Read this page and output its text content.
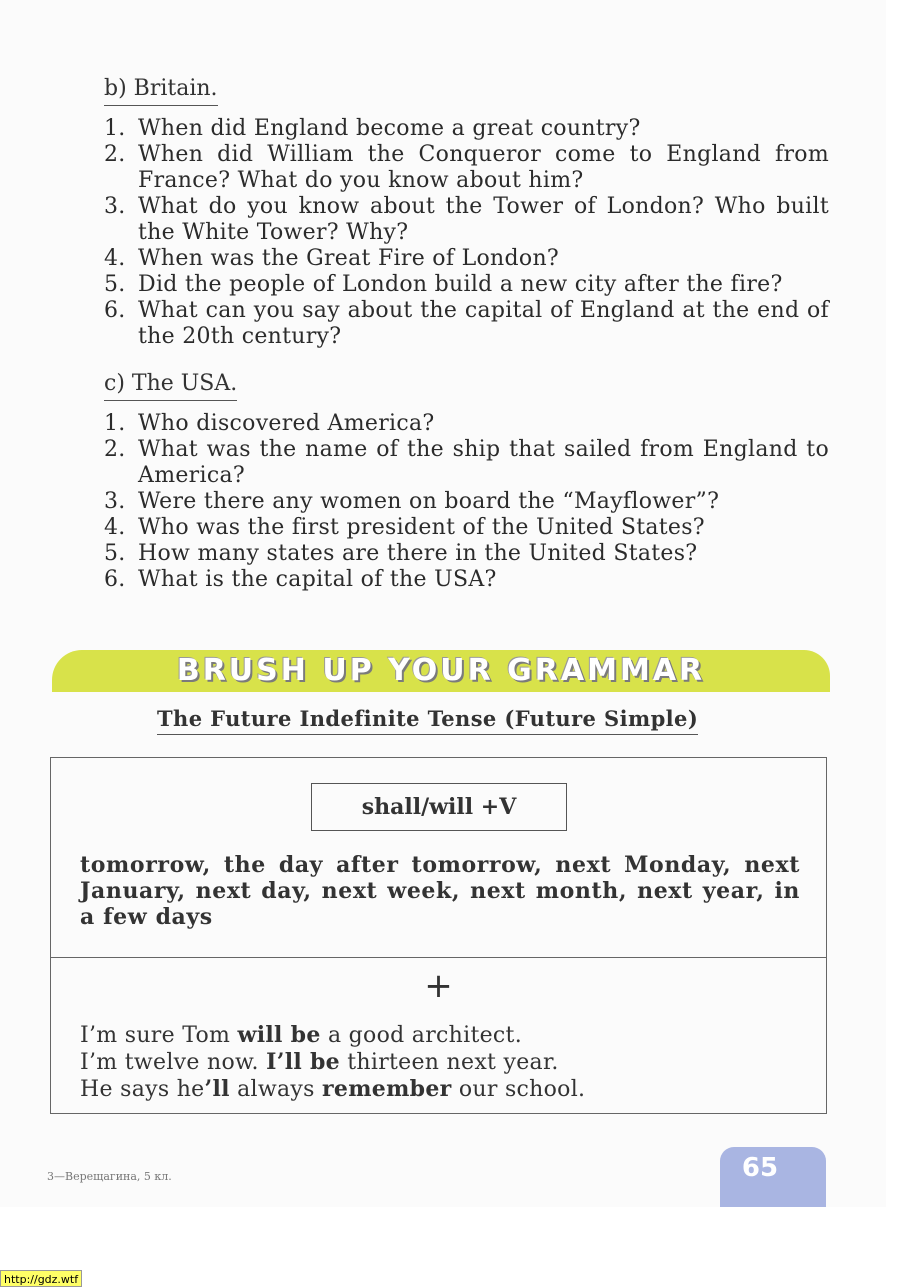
b) Britain.
1. When did England become a great country?
2. When did William the Conqueror come to England from France? What do you know about him?
3. What do you know about the Tower of London? Who built the White Tower? Why?
4. When was the Great Fire of London?
5. Did the people of London build a new city after the fire?
6. What can you say about the capital of England at the end of the 20th century?
c) The USA.
1. Who discovered America?
2. What was the name of the ship that sailed from England to America?
3. Were there any women on board the “Mayflower”?
4. Who was the first president of the United States?
5. How many states are there in the United States?
6. What is the capital of the USA?
BRUSH UP YOUR GRAMMAR
The Future Indefinite Tense (Future Simple)
shall/will +V
tomorrow, the day after tomorrow, next Monday, next January, next day, next week, next month, next year, in a few days
+
I’m sure Tom will be a good architect.
I’m twelve now. I’ll be thirteen next year.
He says he’ll always remember our school.
3—Верещагина, 5 кл.	65
http://gdz.wtf
